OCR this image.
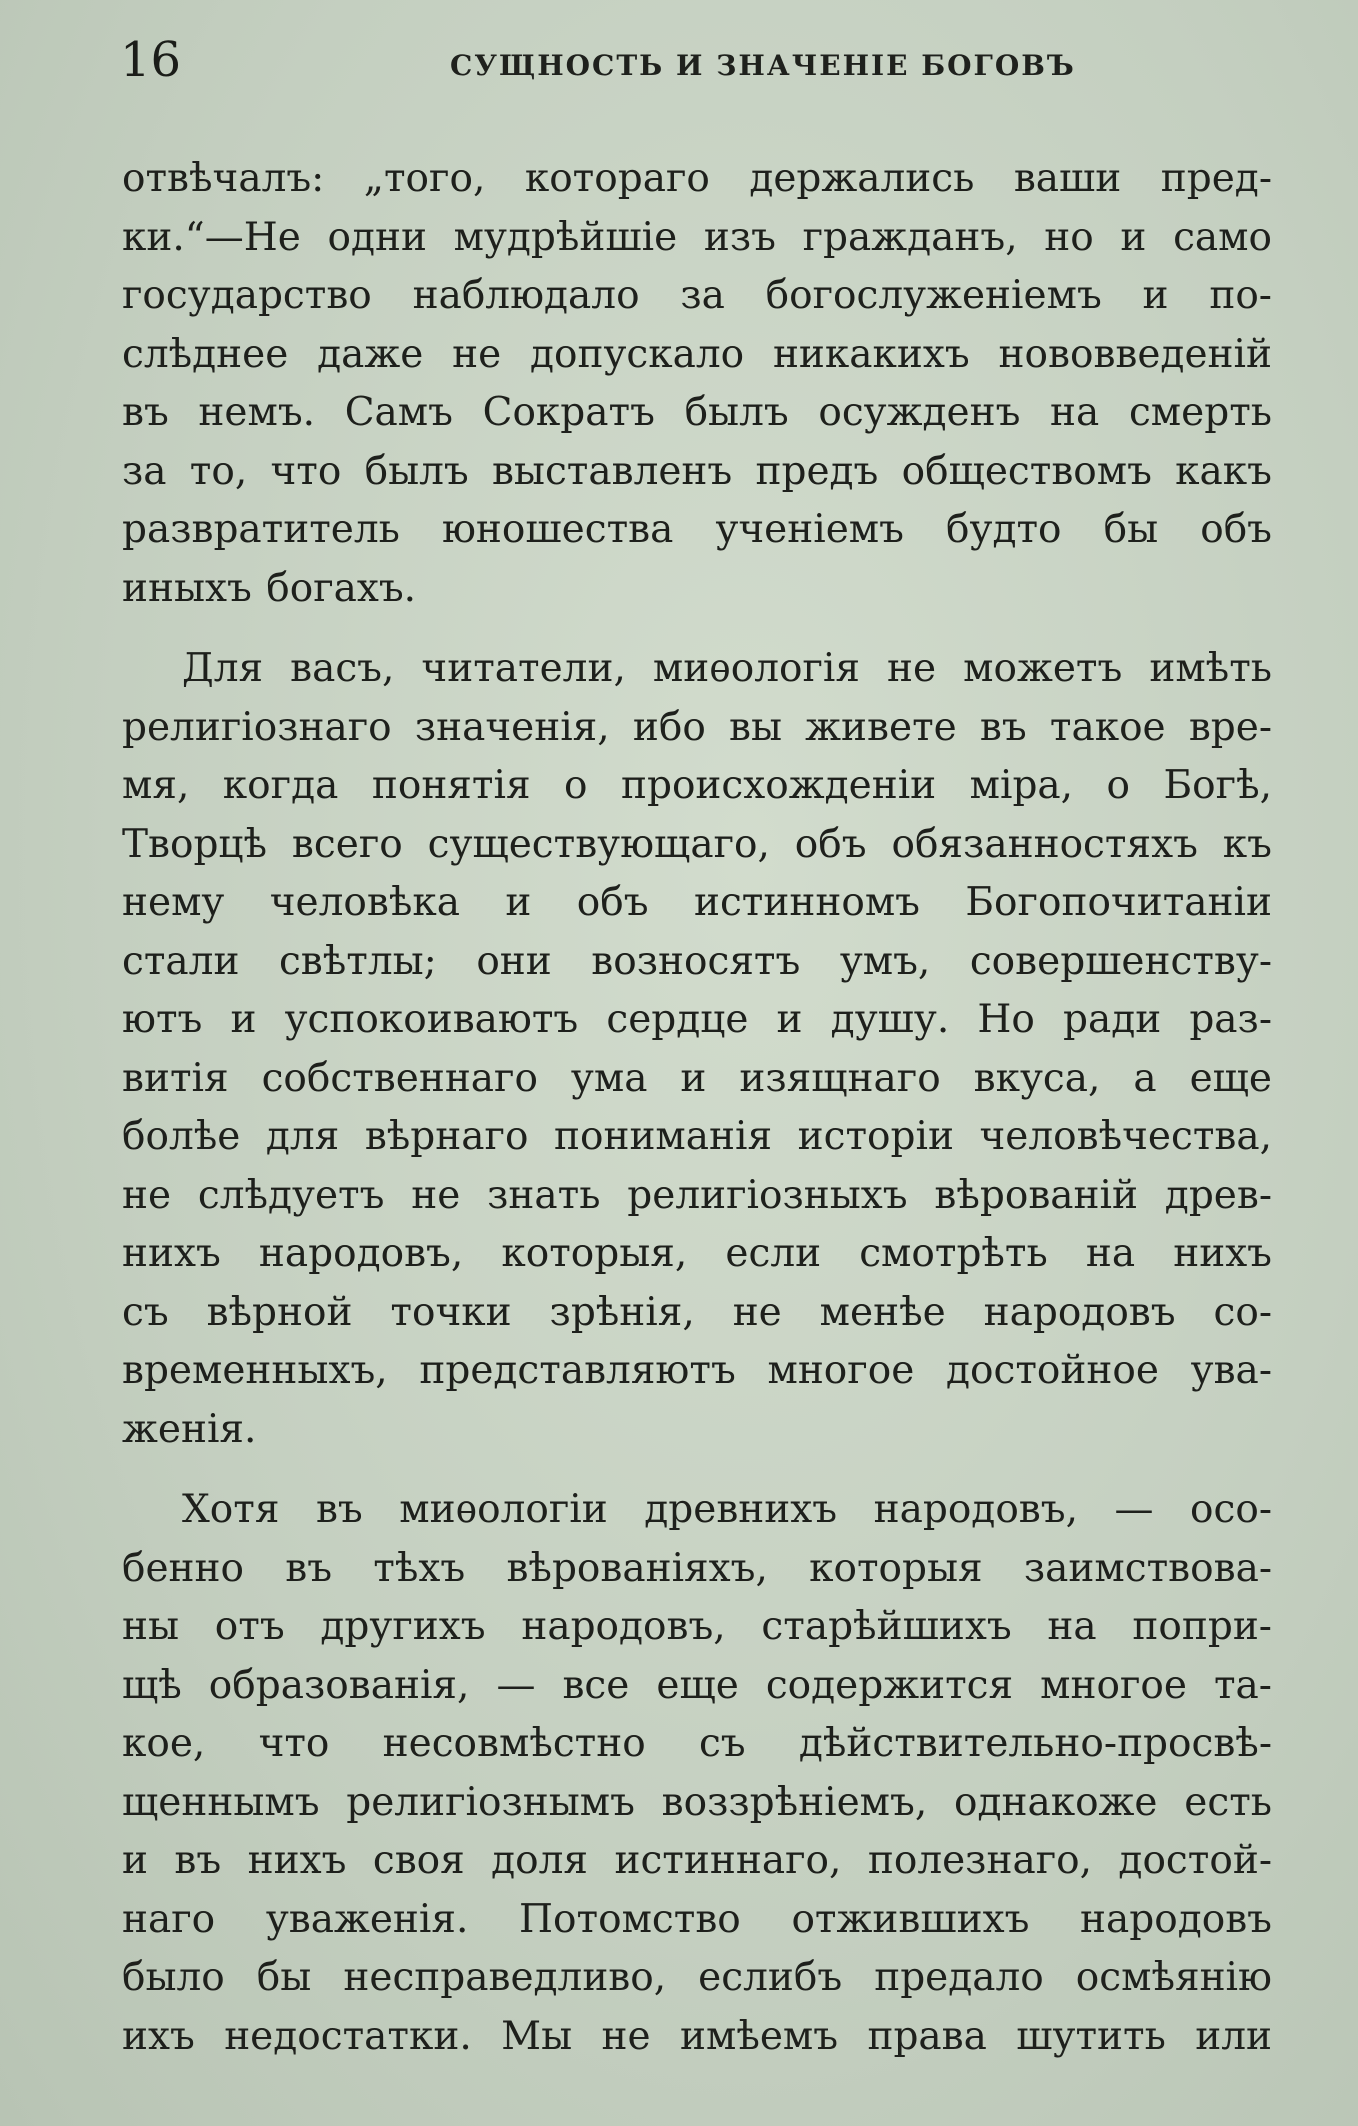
16	СУЩНОСТЬ И ЗНАЧЕНІЕ БОГОВЪ
отвѣчалъ: „того, котораго держались ваши пред-
ки.“—Не одни мудрѣйшіе изъ гражданъ, но и само
государство наблюдало за богослуженіемъ и по-
слѣднее даже не допускало никакихъ нововведеній
въ немъ. Самъ Сократъ былъ осужденъ на смерть
за то, что былъ выставленъ предъ обществомъ какъ
развратитель юношества ученіемъ будто бы объ
иныхъ богахъ.
Для васъ, читатели, миѳологія не можетъ имѣть
религіознаго значенія, ибо вы живете въ такое вре-
мя, когда понятія о происхожденіи міра, о Богѣ,
Творцѣ всего существующаго, объ обязанностяхъ къ
нему человѣка и объ истинномъ Богопочитаніи
стали свѣтлы; они возносятъ умъ, совершенству-
ютъ и успокоиваютъ сердце и душу. Но ради раз-
витія собственнаго ума и изящнаго вкуса, а еще
болѣе для вѣрнаго пониманія исторіи человѣчества,
не слѣдуетъ не знать религіозныхъ вѣрованій древ-
нихъ народовъ, которыя, если смотрѣть на нихъ
съ вѣрной точки зрѣнія, не менѣе народовъ со-
временныхъ, представляютъ многое достойное ува-
женія.
Хотя въ миѳологіи древнихъ народовъ, — осо-
бенно въ тѣхъ вѣрованіяхъ, которыя заимствова-
ны отъ другихъ народовъ, старѣйшихъ на попри-
щѣ образованія, — все еще содержится многое та-
кое, что несовмѣстно съ дѣйствительно-просвѣ-
щеннымъ религіознымъ воззрѣніемъ, однакоже есть
и въ нихъ своя доля истиннаго, полезнаго, достой-
наго уваженія. Потомство отжившихъ народовъ
было бы несправедливо, еслибъ предало осмѣянію
ихъ недостатки. Мы не имѣемъ права шутить или
